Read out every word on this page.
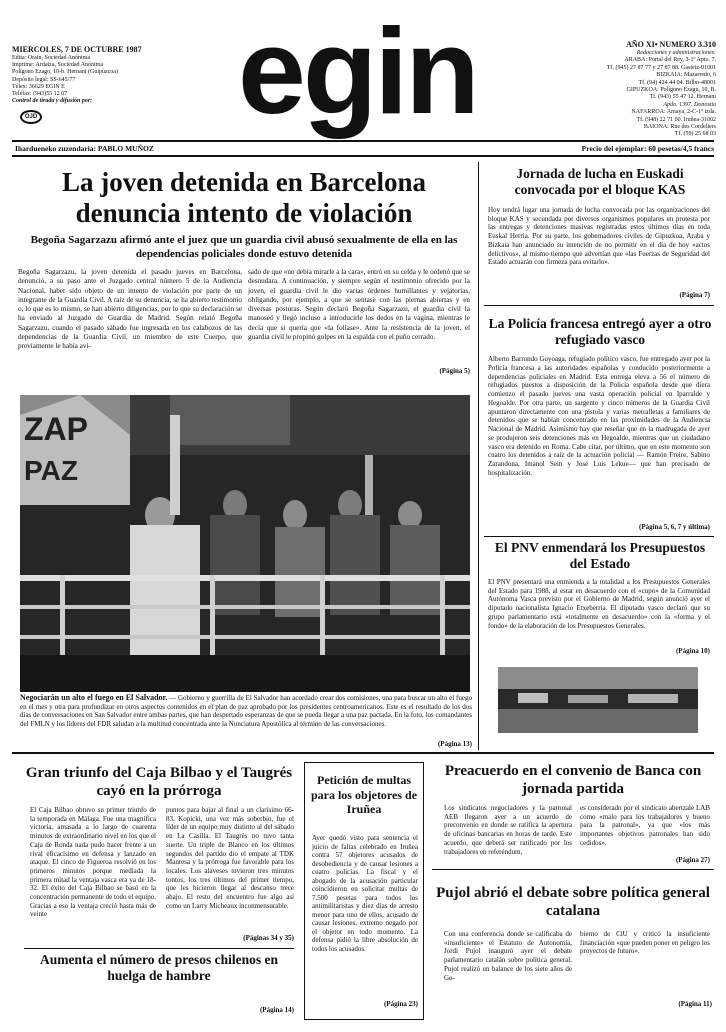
MIERCOLES, 7 DE OCTUBRE 1987
Edita: Orain, Sociedad Anónima
Imprime: Ardatza, Sociedad Anónima
Polígono Ezago, 10-b. Hernani (Guipúzcoa)
Depósito legal: SS-645/77
Télex: 36629 EGIN E
Teléfax: (943)55 12 07
Control de tirada y difusión por:
OJD egin	AÑO XI• NUMERO 3.310
Redacciones y administraciones:
ARABA: Portal del Rey, 3-1º Apto. 7.
Tf. (945) 27 87 77 y 27 87 88. Gasteiz-01001
BIZKAIA: Mazarredo, 6
Tf. (94) 424 44 04. Bilbo-48001
GIPUZKOA: Polígono Ezagu, 10, B.
Tf. (943) 55 47 12. Hernani
Apdo. 1397. Donostia
NAFARROA: Amaya, 2-C-1º izda.
Tf. (948) 22 71 00. Iruñea-31002
BAIONA: Rue des Cordeliers
Tf. (59) 25 68 03
Ihardueneko zuzendaria: PABLO MUÑOZ	Precio del ejemplar: 60 pesetas/4,5 francs
La joven detenida en Barcelona denuncia intento de violación
Begoña Sagarzazu afirmó ante el juez que un guardia civil abusó sexualmente de ella en las dependencias policiales donde estuvo detenida
Begoña Sagarzazu, la joven detenida el pasado jueves en Barcelona, denunció, a su paso ante el Juzgado central número 5 de la Audiencia Nacional, haber sido objeto de un intento de violación por parte de un integrante de la Guardia Civil. A raíz de su denuncia, se ha abierto testimonio o, lo que es lo mismo, se han abierto diligencias, por lo que su declaración se ha enviado al Juzgado de Guardia de Madrid. Según relató Begoña Sagarzazu, cuando el pasado sábado fue ingresada en los calabozos de las dependencias de la Guardia Civil, un miembro de este Cuerpo, que previamente le había avi-
sado de que «no debía mirarle a la cara», entró en su celda y le ordenó que se desnudara. A continuación, y siempre según el testimonio ofrecido por la joven, el guardia civil le dio varias órdenes humillantes y vejatorias, obligando, por ejemplo, a que se sentase con las piernas abiertas y en diversas posturas. Según declaró Begoña Sagarzazu, el guardia civil la manoseó y llegó incluso a introducirle los dedos en la vagina, mientras le decía que si quería que «la follase». Ante la resistencia de la joven, el guardia civil le propinó golpes en la espalda con el puño cerrado.
(Página 5)
ZAP
PAZ
Negociarán un alto el fuego en El Salvador. — Gobierno y guerrilla de El Salvador han acordado crear dos comisiones, una para buscar un alto el fuego en el mes y otra para profundizar en otros aspectos contenidos en el plan de paz aprobado por los presidentes centroamericanos. Este es el resultado de los dos días de conversaciones en San Salvador entre ambas partes, que han despertado esperanzas de que se pueda llegar a una paz pactada. En la foto, los comandantes del FMLN y los líderes del FDR saludan a la multitud concentrada ante la Nunciatura Apostólica al término de las conversaciones.
(Página 13)
Jornada de lucha en Euskadi convocada por el bloque KAS
Hoy tendrá lugar una jornada de lucha convocada por las organizaciones del bloque KAS y secundada por diversos organismos populares en protesta por las entregas y detenciones masivas registradas estos últimos días en toda Euskal Herria. Por su parte, los gobernadores civiles de Gipuzkoa, Araba y Bizkaia han anunciado su intención de no permitir en el día de hoy «actos delictivos», al mismo tiempo que advertían que «las Fuerzas de Seguridad del Estado actuarán con firmeza para evitarlo».
(Página 7)
La Policía francesa entregó ayer a otro refugiado vasco
Alberto Barrondo Goyoaga, refugiado político vasco, fue entregado ayer por la Policía francesa a las autoridades españolas y conducido posteriormente a dependencias policiales en Madrid. Esta entrega eleva a 56 el número de refugiados puestos a disposición de la Policía española desde que diera comienzo el pasado jueves una vasta operación policial en Iparralde y Hegoalde. Por otra parte, un sargento y cinco números de la Guardia Civil apuntaron directamente con una pistola y varias metralletas a familiares de detenidos que se habían concentrado en las proximidades de la Audiencia Nacional de Madrid. Asimismo hay que reseñar que en la madrugada de ayer se produjeron seis detenciones más en Hegoalde, mientras que un ciudadano vasco era detenido en Roma. Cabe citar, por último, que en este momento son cuatro los detenidos a raíz de la actuación policial — Ramón Freire, Sabino Zarandona, Imanol Sein y José Luis Lekue— que han precisado de hospitalización.
(Página 5, 6, 7 y última)
El PNV enmendará los Presupuestos del Estado
El PNV presentará una enmienda a la totalidad a los Presupuestos Generales del Estado para 1988, al estar en desacuerdo con el «cupo» de la Comunidad Autónoma Vasca previsto por el Gobierno de Madrid, según anunció ayer el diputado nacionalista Ignacio Etxeberria. El diputado vasco declaró que su grupo parlamentario está «totalmente en desacuerdo» con la «forma y el fondo» de la elaboración de los Presupuestos Generales.
(Página 10)
Gran triunfo del Caja Bilbao y el Taugrés cayó en la prórroga
El Caja Bilbao obtuvo su primer triunfo de la temporada en Málaga. Fue una magnífica victoria, amasada a lo largo de cuarenta minutos de extraordinario nivel en los que el Caja de Ronda nada pudo hacer frente a un rival eficacísimo en defensa y lanzado en ataque. El cinco de Figueroa resolvió en los primeros minutos porque mediada la primera mitad la ventaja vasca era ya de 18-32. El éxito del Caja Bilbao se basó en la concentración permanente de todo el equipo. Gracias a eso la ventaja creció hasta más de veinte
puntos para bajar al final a un clarísimo 66-83. Kopicki, una vez más soberbio, fue el líder de un equipo muy distinto al del sábado en La Casilla. El Taugrés no tuvo tanta suerte. Un triple de Blanco en los últimos segundos del partido dio el empate al TDK Manresa y la prórroga fue favorable para los locales. Los alaveses tuvieron tres minutos tontos, los tres últimos del primer tiempo, que les hicieron llegar al descanso trece abajo. El resto del encuentro fue algo así como un Larry Micheaux inconmensurable.
(Páginas 34 y 35)
Petición de multas para los objetores de Iruñea
Ayer quedó visto para sentencia el juicio de faltas celebrado en Iruñea contra 57 objetores acusados de desobediencia y de causar lesiones a cuatro policías. La fiscal y el abogado de la acusación particular coincidieron en solicitar multas de 7.500 pesetas para todos los antimilitaristas y diez días de arresto menor para uno de ellos, acusado de causar lesiones, extremo negado por el objetor en todo momento. La defensa pidió la libre absolución de todos los acusados.
(Página 23)
Preacuerdo en el convenio de Banca con jornada partida
Los sindicatos negociadores y la patronal AEB llegaron ayer a un acuerdo de preconvenio en donde se ratifica la apertura de oficinas bancarias en horas de tarde. Este acuerdo, que deberá ser ratificado por los trabajadores en referéndum,
es considerado por el sindicato abertzale LAB como «malo para los trabajadores y bueno para la patronal», ya que «los más importantes objetivos patronales han sido cedidos».
(Página 27)
Pujol abrió el debate sobre política general catalana
Con una conferencia donde se calificaba de «insuficiente» el Estatuto de Autonomía, Jordi Pujol inauguró ayer el debate parlamentario catalán sobre política general. Pujol realizó un balance de los siete años de Go-
bierno de CiU y criticó la insuficiente financiación «que pueden poner en peligro los proyectos de futuro».
(Página 11)
Aumenta el número de presos chilenos en huelga de hambre
(Página 14)
